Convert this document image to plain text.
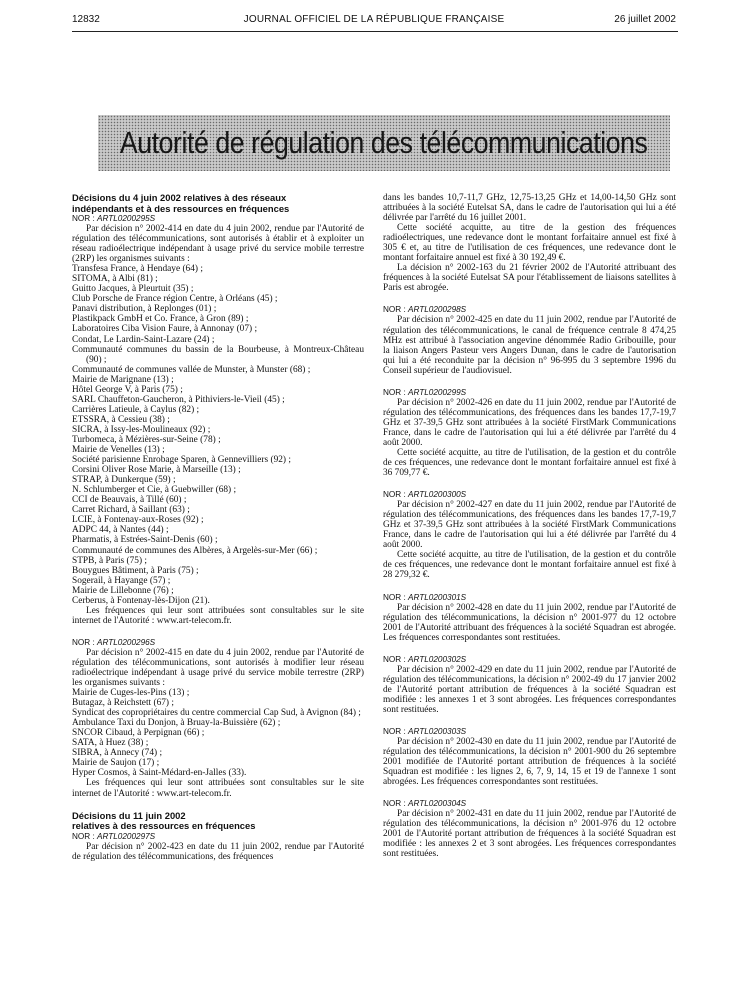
12832	JOURNAL OFFICIEL DE LA RÉPUBLIQUE FRANÇAISE	26 juillet 2002
Autorité de régulation des télécommunications

Décisions du 4 juin 2002 relatives à des réseaux

indépendants et à des ressources en fréquences

NOR : ARTL0200295S

Par décision n° 2002-414 en date du 4 juin 2002, rendue par l'Autorité de régulation des télécommunications, sont autorisés à établir et à exploiter un réseau radioélectrique indépendant à usage privé du service mobile terrestre (2RP) les organismes suivants :

Transfesa France, à Hendaye (64) ;

SITOMA, à Albi (81) ;

Guitto Jacques, à Pleurtuit (35) ;

Club Porsche de France région Centre, à Orléans (45) ;

Panavi distribution, à Replonges (01) ;

Plastikpack GmbH et Co. France, à Gron (89) ;

Laboratoires Ciba Vision Faure, à Annonay (07) ;

Condat, Le Lardin-Saint-Lazare (24) ;

Communauté communes du bassin de la Bourbeuse, à Montreux-Château (90) ;

Communauté de communes vallée de Munster, à Munster (68) ;

Mairie de Marignane (13) ;

Hôtel George V, à Paris (75) ;

SARL Chauffeton-Gaucheron, à Pithiviers-le-Vieil (45) ;

Carrières Latieule, à Caylus (82) ;

ETSSRA, à Cessieu (38) ;

SICRA, à Issy-les-Moulineaux (92) ;

Turbomeca, à Mézières-sur-Seine (78) ;

Mairie de Venelles (13) ;

Société parisienne Enrobage Sparen, à Gennevilliers (92) ;

Corsini Oliver Rose Marie, à Marseille (13) ;

STRAP, à Dunkerque (59) ;

N. Schlumberger et Cie, à Guebwiller (68) ;

CCI de Beauvais, à Tillé (60) ;

Carret Richard, à Saillant (63) ;

LCIE, à Fontenay-aux-Roses (92) ;

ADPC 44, à Nantes (44) ;

Pharmatis, à Estrées-Saint-Denis (60) ;

Communauté de communes des Albères, à Argelès-sur-Mer (66) ;

STPB, à Paris (75) ;

Bouygues Bâtiment, à Paris (75) ;

Sogerail, à Hayange (57) ;

Mairie de Lillebonne (76) ;

Cerberus, à Fontenay-lès-Dijon (21).

Les fréquences qui leur sont attribuées sont consultables sur le site internet de l'Autorité : www.art-telecom.fr.

NOR : ARTL0200296S

Par décision n° 2002-415 en date du 4 juin 2002, rendue par l'Autorité de régulation des télécommunications, sont autorisés à modifier leur réseau radioélectrique indépendant à usage privé du service mobile terrestre (2RP) les organismes suivants :

Mairie de Cuges-les-Pins (13) ;

Butagaz, à Reichstett (67) ;

Syndicat des copropriétaires du centre commercial Cap Sud, à Avignon (84) ;

Ambulance Taxi du Donjon, à Bruay-la-Buissière (62) ;

SNCOR Cibaud, à Perpignan (66) ;

SATA, à Huez (38) ;

SIBRA, à Annecy (74) ;

Mairie de Saujon (17) ;

Hyper Cosmos, à Saint-Médard-en-Jalles (33).

Les fréquences qui leur sont attribuées sont consultables sur le site internet de l'Autorité : www.art-telecom.fr.

Décisions du 11 juin 2002

relatives à des ressources en fréquences

NOR : ARTL0200297S

Par décision n° 2002-423 en date du 11 juin 2002, rendue par l'Autorité de régulation des télécommunications, des fréquences

dans les bandes 10,7-11,7 GHz, 12,75-13,25 GHz et 14,00-14,50 GHz sont attribuées à la société Eutelsat SA, dans le cadre de l'autorisation qui lui a été délivrée par l'arrêté du 16 juillet 2001.

Cette société acquitte, au titre de la gestion des fréquences radioélectriques, une redevance dont le montant forfaitaire annuel est fixé à 305 € et, au titre de l'utilisation de ces fréquences, une redevance dont le montant forfaitaire annuel est fixé à 30 192,49 €.

La décision n° 2002-163 du 21 février 2002 de l'Autorité attribuant des fréquences à la société Eutelsat SA pour l'établissement de liaisons satellites à Paris est abrogée.

NOR : ARTL0200298S

Par décision n° 2002-425 en date du 11 juin 2002, rendue par l'Autorité de régulation des télécommunications, le canal de fréquence centrale 8 474,25 MHz est attribué à l'association angevine dénommée Radio Gribouille, pour la liaison Angers Pasteur vers Angers Dunan, dans le cadre de l'autorisation qui lui a été reconduite par la décision n° 96-995 du 3 septembre 1996 du Conseil supérieur de l'audiovisuel.

NOR : ARTL0200299S

Par décision n° 2002-426 en date du 11 juin 2002, rendue par l'Autorité de régulation des télécommunications, des fréquences dans les bandes 17,7-19,7 GHz et 37-39,5 GHz sont attribuées à la société FirstMark Communications France, dans le cadre de l'autorisation qui lui a été délivrée par l'arrêté du 4 août 2000.

Cette société acquitte, au titre de l'utilisation, de la gestion et du contrôle de ces fréquences, une redevance dont le montant forfaitaire annuel est fixé à 36 709,77 €.

NOR : ARTL0200300S

Par décision n° 2002-427 en date du 11 juin 2002, rendue par l'Autorité de régulation des télécommunications, des fréquences dans les bandes 17,7-19,7 GHz et 37-39,5 GHz sont attribuées à la société FirstMark Communications France, dans le cadre de l'autorisation qui lui a été délivrée par l'arrêté du 4 août 2000.

Cette société acquitte, au titre de l'utilisation, de la gestion et du contrôle de ces fréquences, une redevance dont le montant forfaitaire annuel est fixé à 28 279,32 €.

NOR : ARTL0200301S

Par décision n° 2002-428 en date du 11 juin 2002, rendue par l'Autorité de régulation des télécommunications, la décision n° 2001-977 du 12 octobre 2001 de l'Autorité attribuant des fréquences à la société Squadran est abrogée. Les fréquences correspondantes sont restituées.

NOR : ARTL0200302S

Par décision n° 2002-429 en date du 11 juin 2002, rendue par l'Autorité de régulation des télécommunications, la décision n° 2002-49 du 17 janvier 2002 de l'Autorité portant attribution de fréquences à la société Squadran est modifiée : les annexes 1 et 3 sont abrogées. Les fréquences correspondantes sont restituées.

NOR : ARTL0200303S

Par décision n° 2002-430 en date du 11 juin 2002, rendue par l'Autorité de régulation des télécommunications, la décision n° 2001-900 du 26 septembre 2001 modifiée de l'Autorité portant attribution de fréquences à la société Squadran est modifiée : les lignes 2, 6, 7, 9, 14, 15 et 19 de l'annexe 1 sont abrogées. Les fréquences correspondantes sont restituées.

NOR : ARTL0200304S

Par décision n° 2002-431 en date du 11 juin 2002, rendue par l'Autorité de régulation des télécommunications, la décision n° 2001-976 du 12 octobre 2001 de l'Autorité portant attribution de fréquences à la société Squadran est modifiée : les annexes 2 et 3 sont abrogées. Les fréquences correspondantes sont restituées.
